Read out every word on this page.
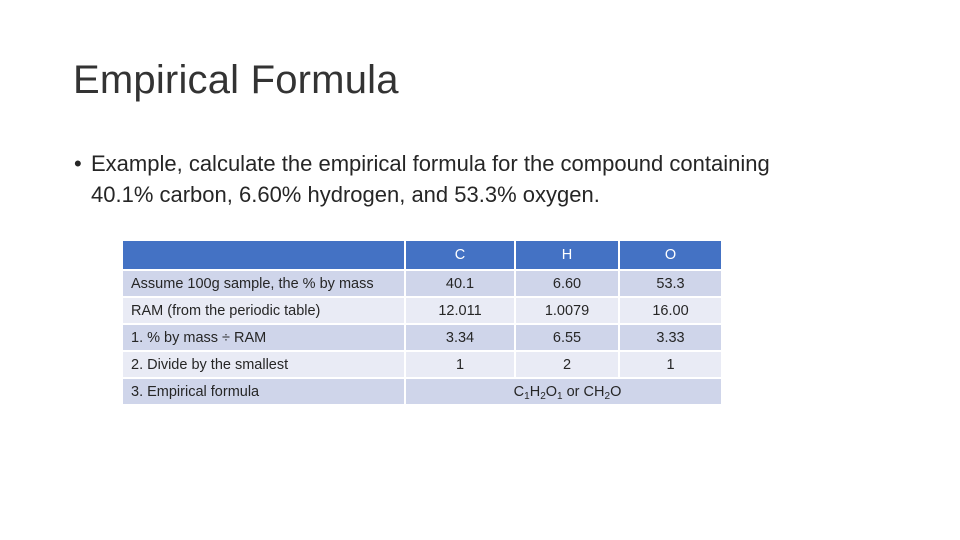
Empirical Formula
• Example, calculate the empirical formula for the compound containing 40.1% carbon, 6.60% hydrogen, and 53.3% oxygen.
	C	H	O
Assume 100g sample, the % by mass	40.1	6.60	53.3
RAM (from the periodic table)	12.011	1.0079	16.00
1. % by mass ÷ RAM	3.34	6.55	3.33
2. Divide by the smallest	1	2	1
3. Empirical formula	$C_1H_2O_1$ or $CH_2O$		
